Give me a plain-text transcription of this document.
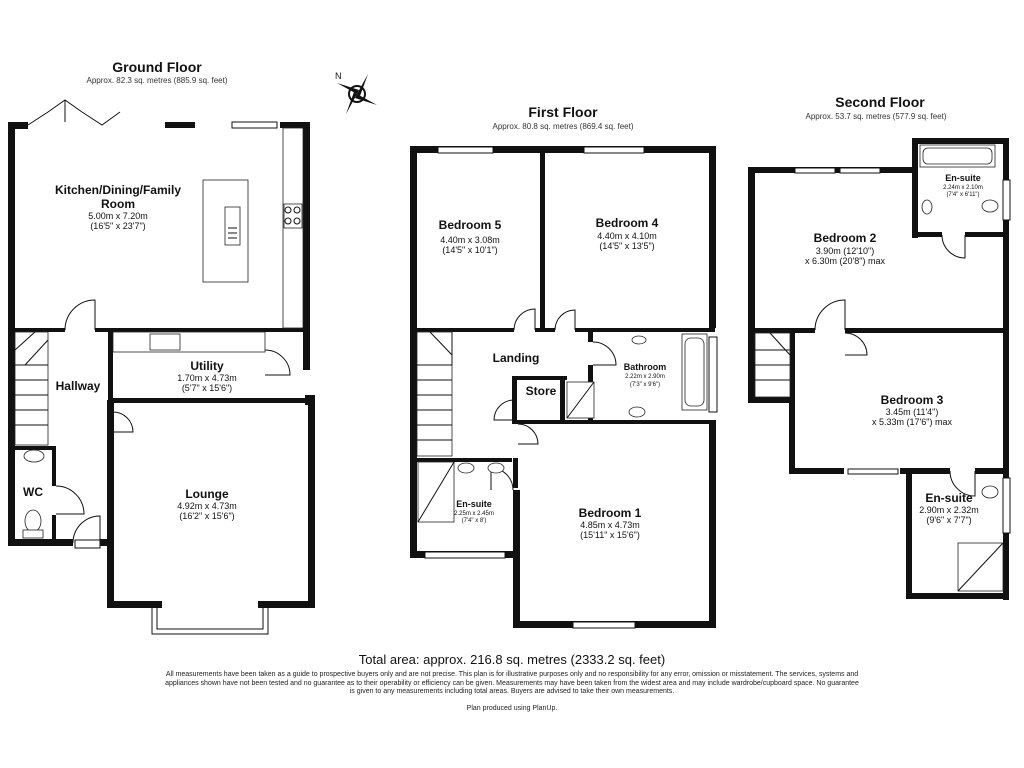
Ground Floor
Approx. 82.3 sq. metres (885.9 sq. feet)
Kitchen/Dining/Family
Room
5.00m x 7.20m
(16'5" x 23'7")
Utility
1.70m x 4.73m
(5'7" x 15'6")
Hallway
WC	Lounge
4.92m x 4.73m
(16'2" x 15'6")
N
First Floor
Approx. 80.8 sq. metres (869.4 sq. feet)
Bedroom 5
4.40m x 3.08m
(14'5" x 10'1")
Bedroom 4
4.40m x 4.10m
(14'5" x 13'5")
Landing
Store
Bathroom
2.22m x 2.90m
(7'3" x 9'6")
En-suite
2.25m x 2.45m
(7'4" x 8')
Bedroom 1
4.85m x 4.73m
(15'11" x 15'6")
Second Floor
Approx. 53.7 sq. metres (577.9 sq. feet)
En-suite
2.24m x 2.10m
(7'4" x 6'11")
Bedroom 2
3.90m (12'10")
x 6.30m (20'8") max
Bedroom 3
3.45m (11'4")
x 5.33m (17'6") max
En-suite
2.90m x 2.32m
(9'6" x 7'7")
Total area: approx. 216.8 sq. metres (2333.2 sq. feet)
All measurements have been taken as a guide to prospective buyers only and are not precise. This plan is for illustrative purposes only and no responsibility for any error, omission or misstatement. The services, systems and appliances shown have not been tested and no guarantee as to their operability or efficiency can be given. Measurements may have been taken from the widest area and may include wardrobe/cupboard space. No guarantee is given to any measurements including total areas. Buyers are advised to take their own measurements.
Plan produced using PlanUp.
